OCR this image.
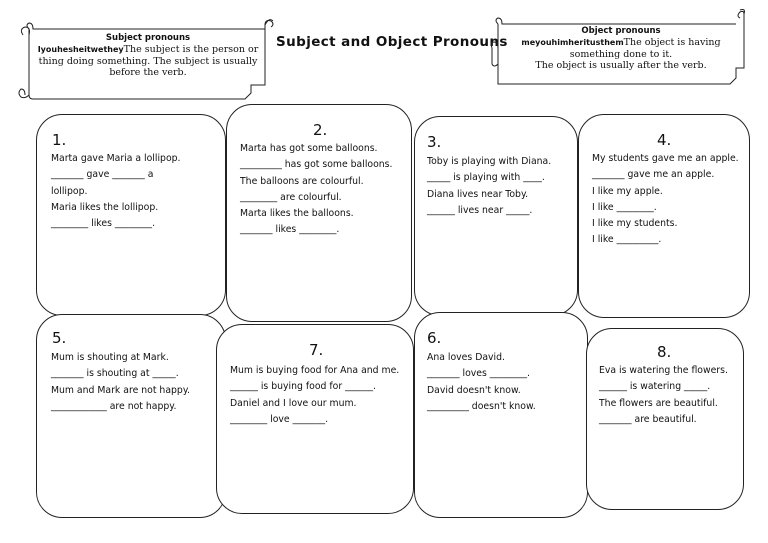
Subject pronouns
IyouhesheitwetheyThe subject is the person or
thing doing something. The subject is usually
before the verb.
Subject and Object Pronouns
Object pronouns
meyouhimheritusthemThe object is having
something done to it.
The object is usually after the verb.
1.
Marta gave Maria a lollipop.
_______ gave _______ a
lollipop.
Maria likes the lollipop.
________ likes ________.
2.
Marta has got some balloons.
_________ has got some balloons.
The balloons are colourful.
________ are colourful.
Marta likes the balloons.
_______ likes ________.
3.
Toby is playing with Diana.
_____ is playing with ____.
Diana lives near Toby.
______ lives near _____.
4.
My students gave me an apple.
_______ gave me an apple.
I like my apple.
I like ________.
I like my students.
I like _________.
5.
Mum is shouting at Mark.
_______ is shouting at _____.
Mum and Mark are not happy.
____________ are not happy.
7.
Mum is buying food for Ana and me.
______ is buying food for ______.
Daniel and I love our mum.
________ love _______.
6.
Ana loves David.
_______ loves ________.
David doesn't know.
_________ doesn't know.
8.
Eva is watering the flowers.
______ is watering _____.
The flowers are beautiful.
_______ are beautiful.
